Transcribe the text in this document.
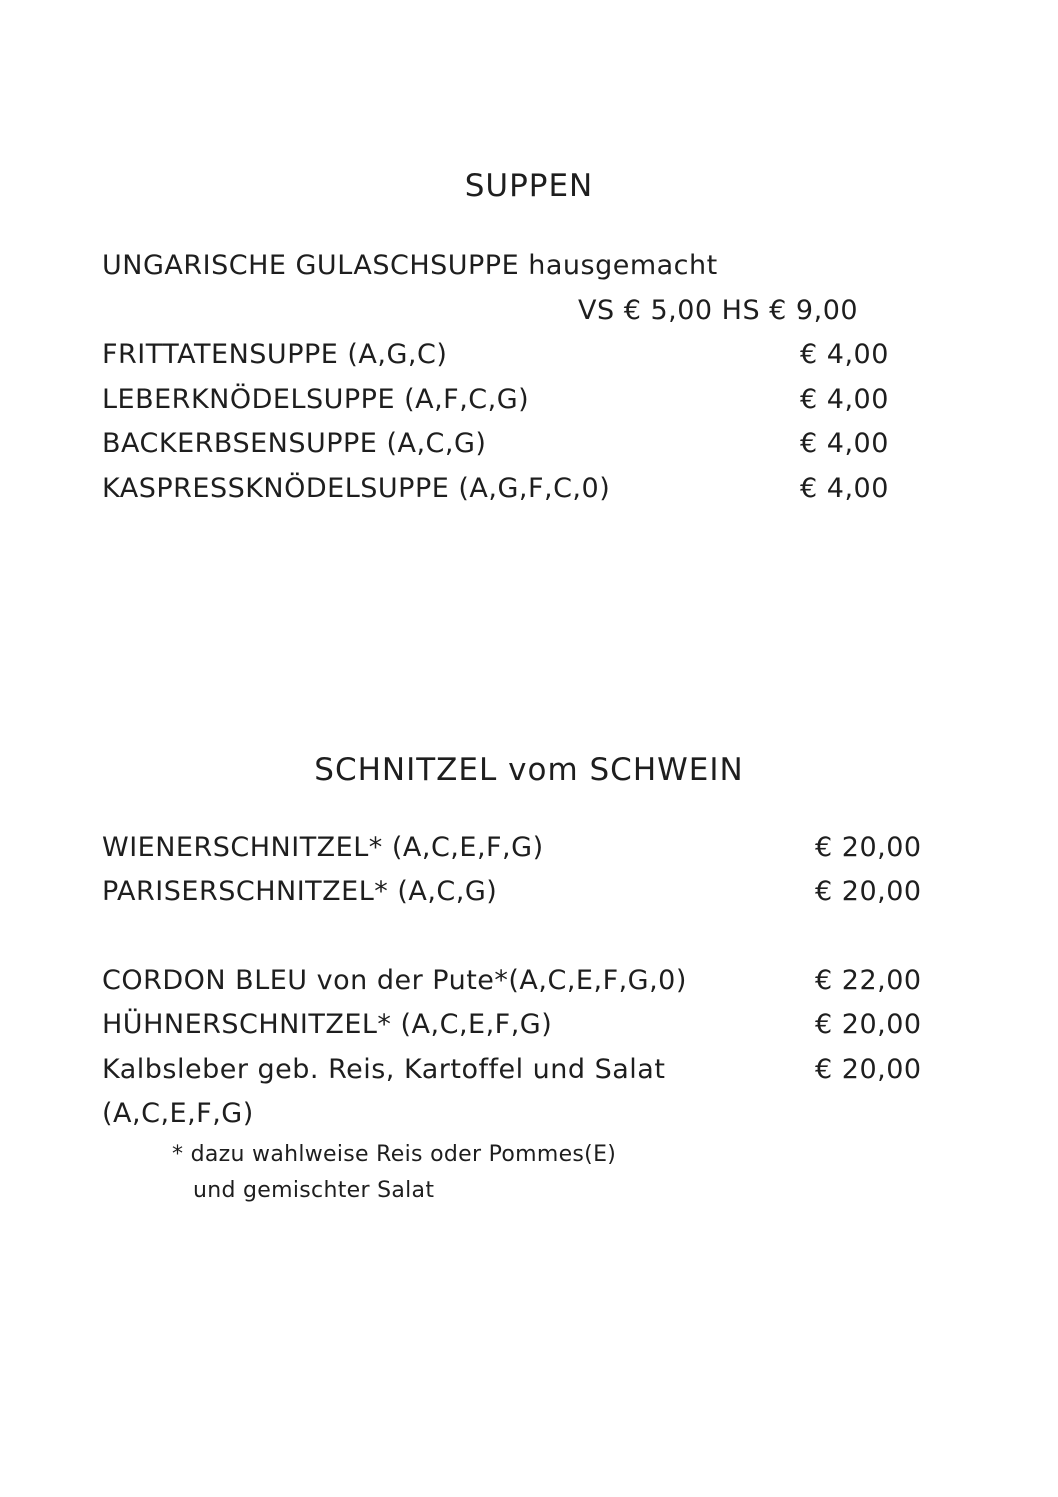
SUPPEN
UNGARISCHE GULASCHSUPPE hausgemacht
VS € 5,00 HS € 9,00
FRITTATENSUPPE (A,G,C)	€ 4,00
LEBERKNÖDELSUPPE (A,F,C,G)	€ 4,00
BACKERBSENSUPPE (A,C,G)	€ 4,00
KASPRESSKNÖDELSUPPE (A,G,F,C,0)	€ 4,00
SCHNITZEL vom SCHWEIN
WIENERSCHNITZEL* (A,C,E,F,G)	€ 20,00
PARISERSCHNITZEL* (A,C,G)	€ 20,00
CORDON BLEU von der Pute*(A,C,E,F,G,0)	€ 22,00
HÜHNERSCHNITZEL* (A,C,E,F,G)	€ 20,00
Kalbsleber geb. Reis, Kartoffel und Salat	€ 20,00
(A,C,E,F,G)
* dazu wahlweise Reis oder Pommes(E)
und gemischter Salat
